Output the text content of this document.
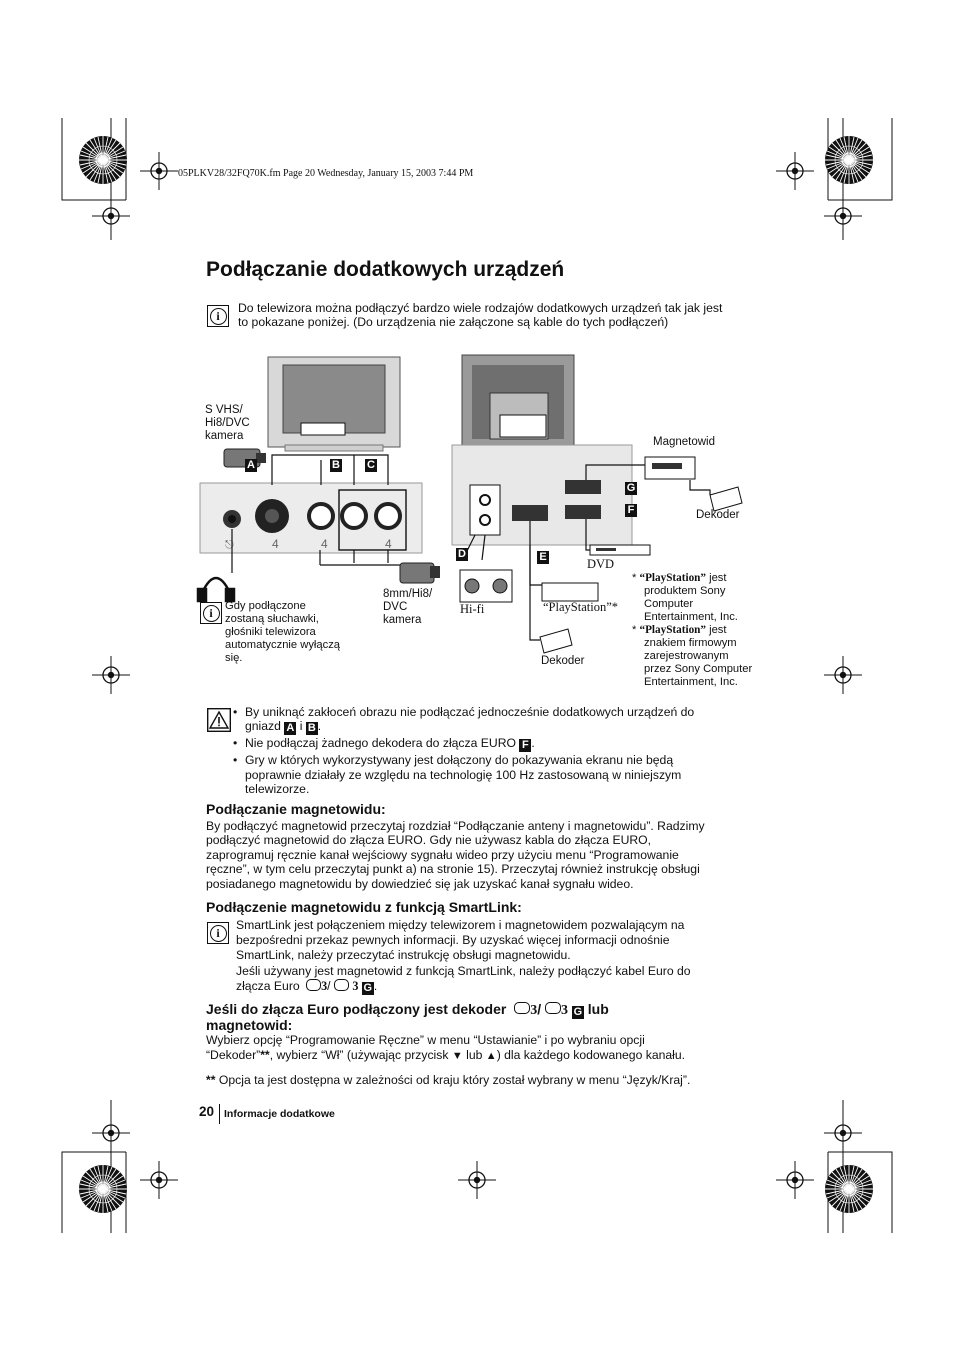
05PLKV28/32FQ70K.fm Page 20 Wednesday, January 15, 2003 7:44 PM
Podłączanie dodatkowych urządzeń
i
Do telewizora można podłączyć bardzo wiele rodzajów dodatkowych urządzeń tak jak jest
to pokazane poniżej. (Do urządzenia nie załączone są kable do tych podłączeń)
⎋	4	4	4
A	B C
D	E
F
G
S VHS/
Hi8/DVC
kamera
8mm/Hi8/
DVC
kamera
Magnetowid
Dekoder
DVD
Hi-fi	“PlayStation”*
Dekoder
* “PlayStation” jest
produktem Sony
Computer
Entertainment, Inc.
* “PlayStation” jest
znakiem firmowym
zarejestrowanym
przez Sony Computer
Entertainment, Inc.
i	Gdy podłączone
zostaną słuchawki,
głośniki telewizora
automatycznie wyłączą
się.
• By uniknąć zakłoceń obrazu nie podłączać jednocześnie dodatkowych urządzeń do
gniazd A i B .
• Nie podłączaj żadnego dekodera do złącza EURO F .
• Gry w których wykorzystywany jest dołączony do pokazywania ekranu nie będą
poprawnie działały ze względu na technologię 100 Hz zastosowaną w niniejszym
telewizorze.
Podłączanie magnetowidu:
By podłączyć magnetowid przeczytaj rozdział “Podłączanie anteny i magnetowidu”. Radzimy
podłączyć magnetowid do złącza EURO. Gdy nie używasz kabla do złącza EURO,
zaprogramuj ręcznie kanał wejściowy sygnału wideo przy użyciu menu “Programowanie
ręczne”, w tym celu przeczytaj punkt a) na stronie 15). Przeczytaj również instrukcję obsługi
posiadanego magnetowidu by dowiedzieć się jak uzyskać kanał sygnału wideo.
Podłączenie magnetowidu z funkcją SmartLink:
i
SmartLink jest połączeniem między telewizorem i magnetowidem pozwalającym na
bezpośredni przekaz pewnych informacji. By uzyskać więcej informacji odnośnie
SmartLink, należy przeczytać instrukcję obsługi magnetowidu.
Jeśli używany jest magnetowid z funkcją SmartLink, należy podłączyć kabel Euro do
złącza Euro 3/  3 G .
Jeśli do złącza Euro podłączony jest dekoder 3/ 3 G lub
magnetowid:
Wybierz opcję “Programowanie Ręczne” w menu “Ustawianie” i po wybraniu opcji
“Dekoder”**, wybierz “Wł” (używając przycisk ▼ lub ▲) dla każdego kodowanego kanału.
** Opcja ta jest dostępna w zależności od kraju który został wybrany w menu “Język/Kraj”.
20 Informacje dodatkowe
